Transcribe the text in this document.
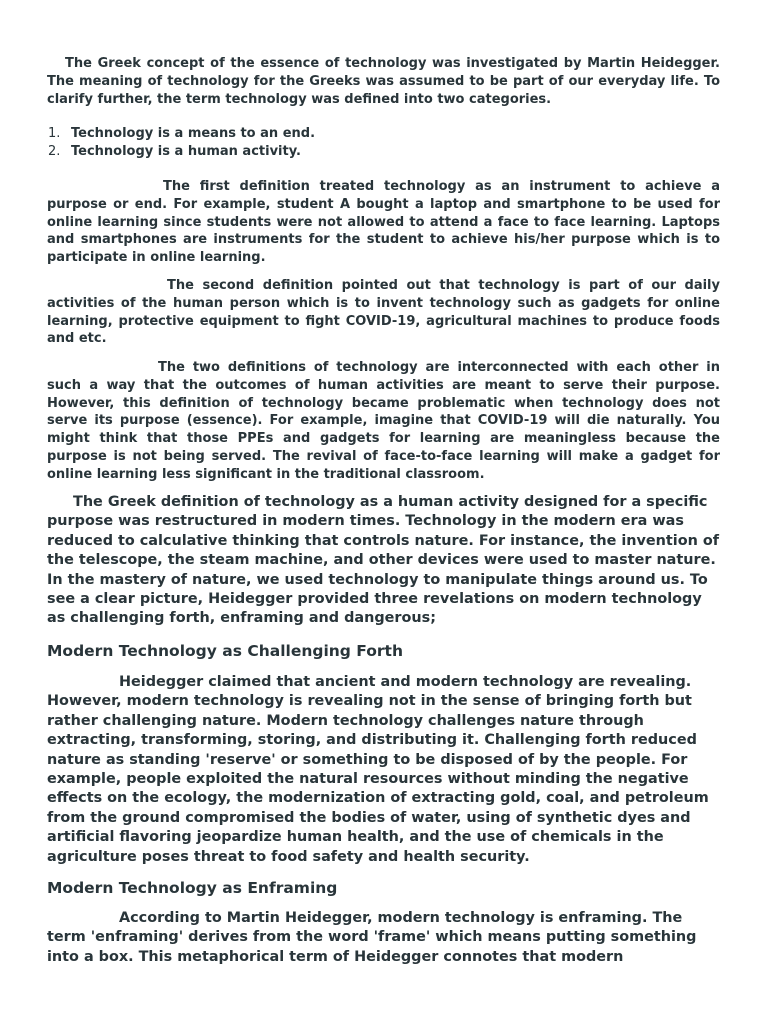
The Greek concept of the essence of technology was investigated by Martin Heidegger. The meaning of technology for the Greeks was assumed to be part of our everyday life. To clarify further, the term technology was defined into two categories.

1. Technology is a means to an end.
2. Technology is a human activity.

The first definition treated technology as an instrument to achieve a purpose or end. For example, student A bought a laptop and smartphone to be used for online learning since students were not allowed to attend a face to face learning. Laptops and smartphones are instruments for the student to achieve his/her purpose which is to participate in online learning.

The second definition pointed out that technology is part of our daily activities of the human person which is to invent technology such as gadgets for online learning, protective equipment to fight COVID-19, agricultural machines to produce foods and etc.

The two definitions of technology are interconnected with each other in such a way that the outcomes of human activities are meant to serve their purpose. However, this definition of technology became problematic when technology does not serve its purpose (essence). For example, imagine that COVID-19 will die naturally. You might think that those PPEs and gadgets for learning are meaningless because the purpose is not being served. The revival of face-to-face learning will make a gadget for online learning less significant in the traditional classroom.

The Greek definition of technology as a human activity designed for a specific purpose was restructured in modern times. Technology in the modern era was reduced to calculative thinking that controls nature. For instance, the invention of the telescope, the steam machine, and other devices were used to master nature. In the mastery of nature, we used technology to manipulate things around us. To see a clear picture, Heidegger provided three revelations on modern technology as challenging forth, enframing and dangerous;

Modern Technology as Challenging Forth

Heidegger claimed that ancient and modern technology are revealing. However, modern technology is revealing not in the sense of bringing forth but rather challenging nature. Modern technology challenges nature through extracting, transforming, storing, and distributing it. Challenging forth reduced nature as standing 'reserve' or something to be disposed of by the people. For example, people exploited the natural resources without minding the negative effects on the ecology, the modernization of extracting gold, coal, and petroleum from the ground compromised the bodies of water, using of synthetic dyes and artificial flavoring jeopardize human health, and the use of chemicals in the agriculture poses threat to food safety and health security.

Modern Technology as Enframing

According to Martin Heidegger, modern technology is enframing. The term 'enframing' derives from the word 'frame' which means putting something into a box. This metaphorical term of Heidegger connotes that modern
